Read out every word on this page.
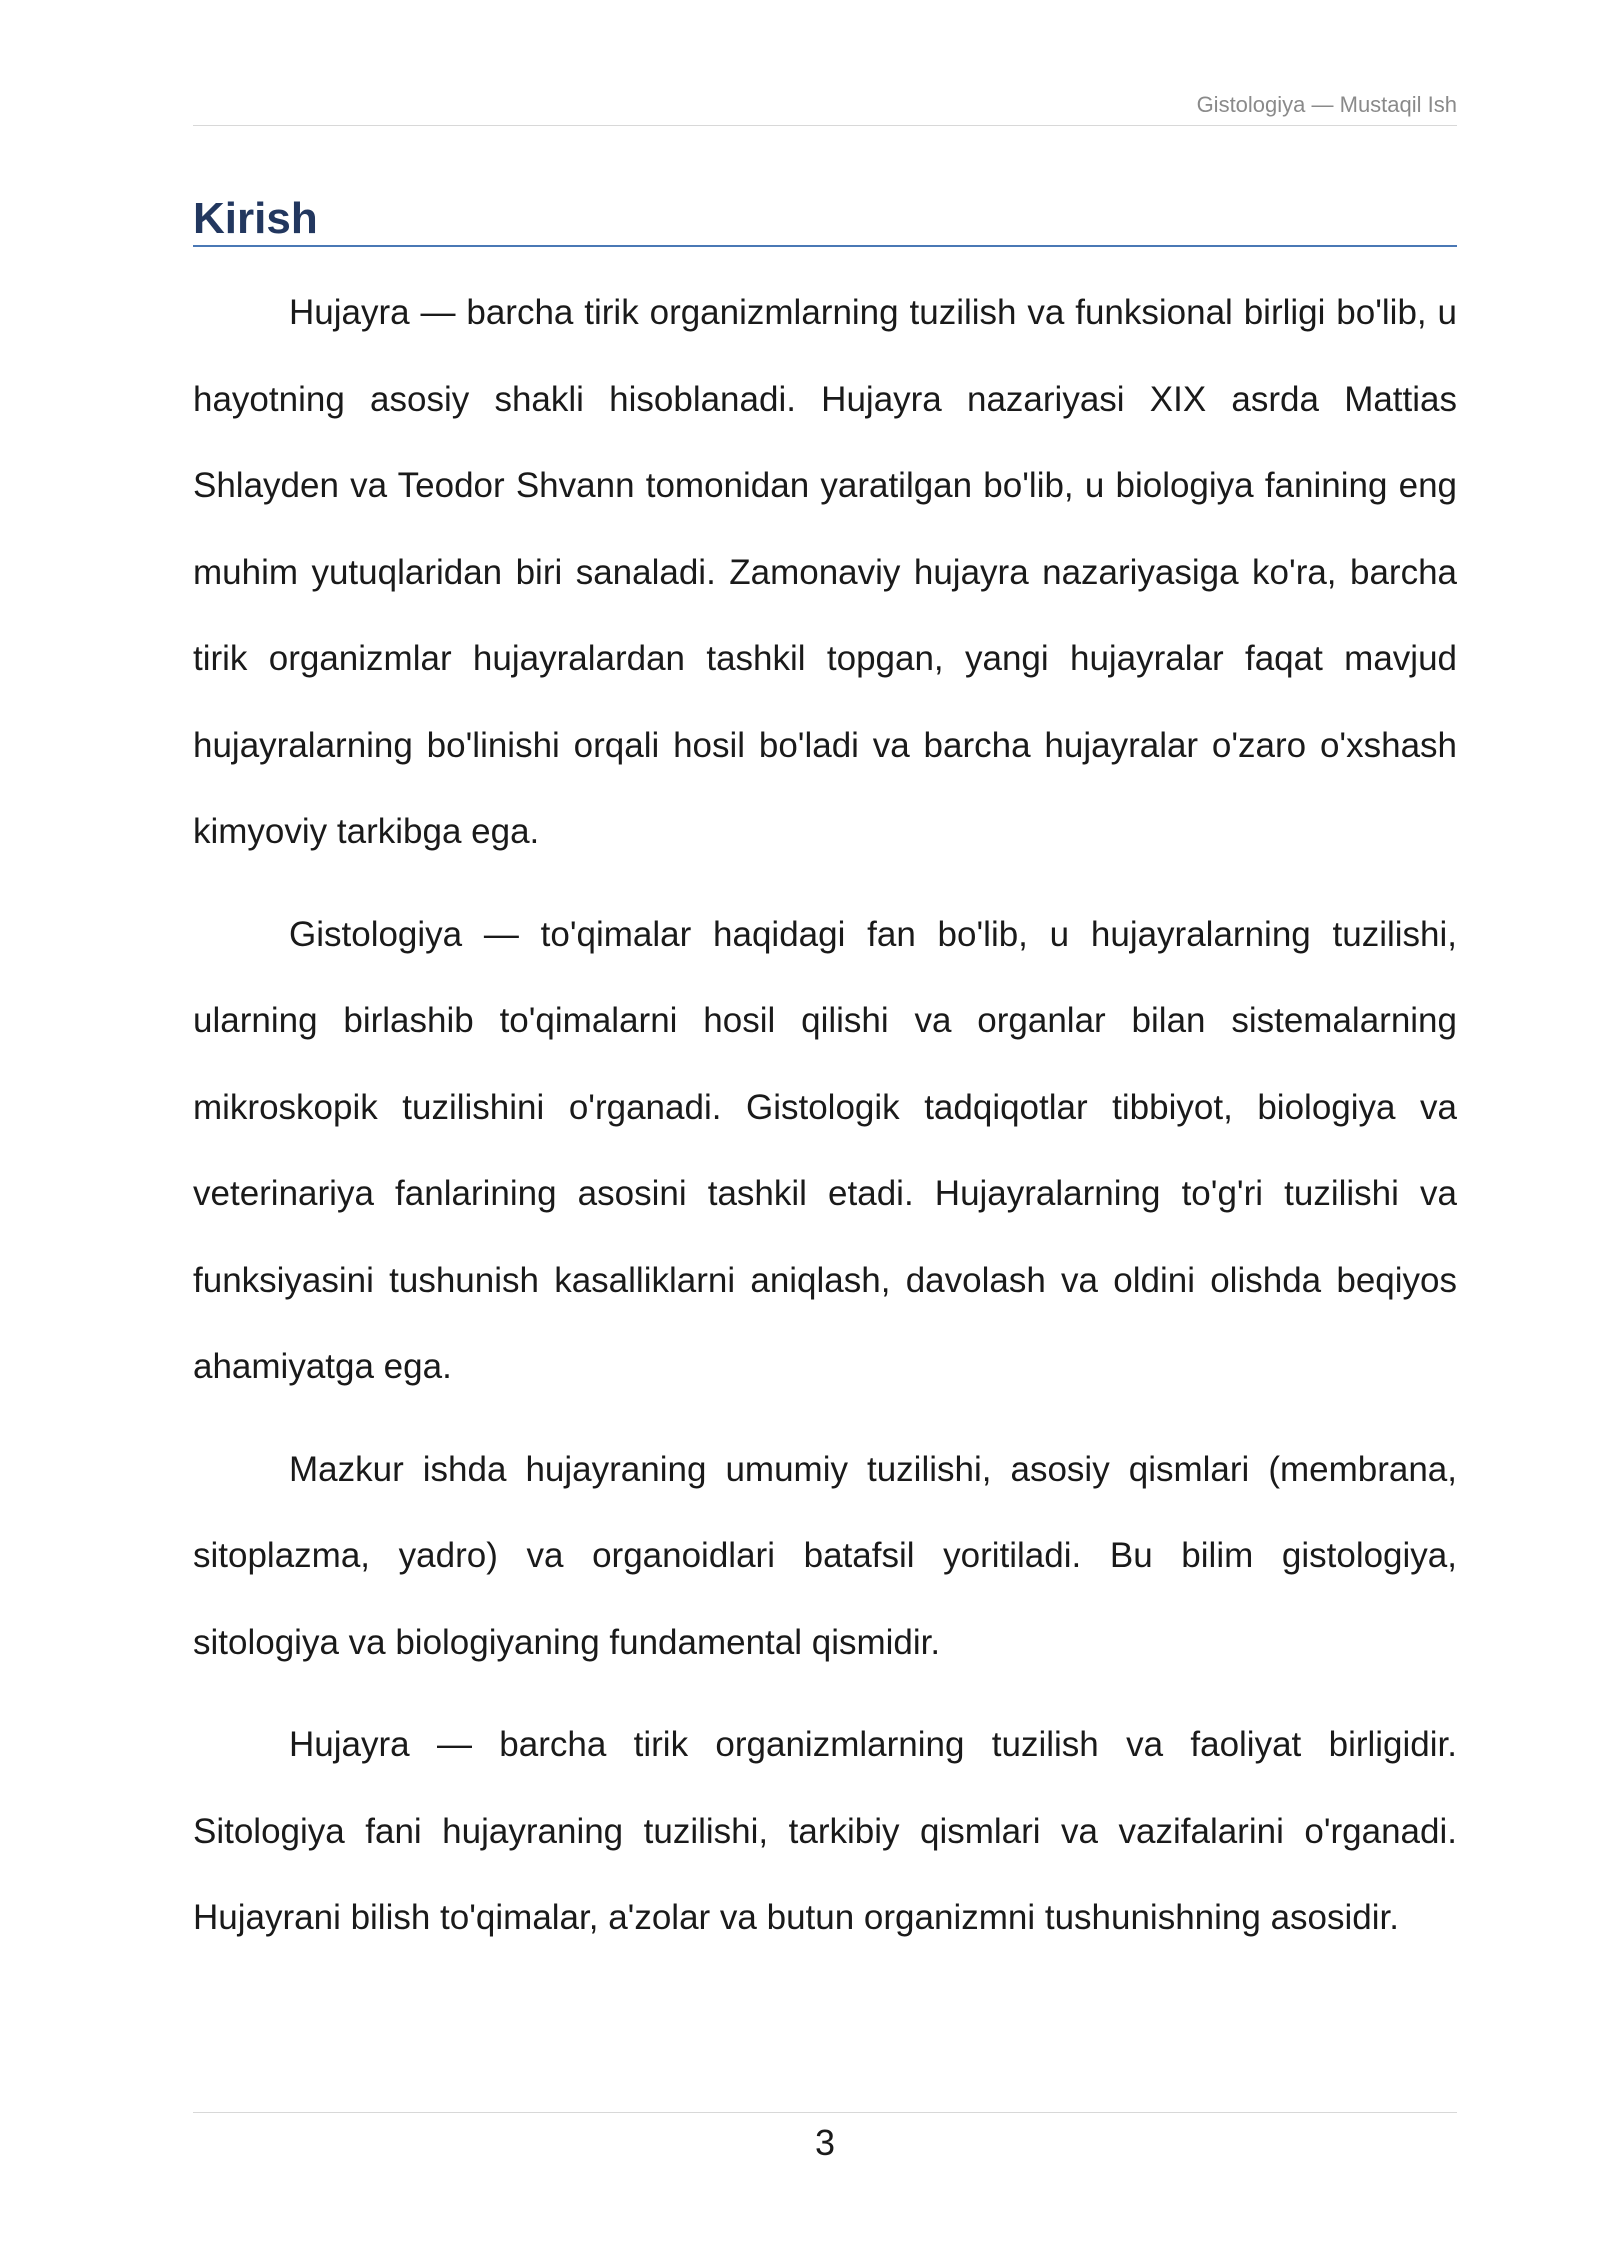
Gistologiya — Mustaqil Ish
Kirish

Hujayra — barcha tirik organizmlarning tuzilish va funksional birligi bo'lib, u hayotning asosiy shakli hisoblanadi. Hujayra nazariyasi XIX asrda Mattias Shlayden va Teodor Shvann tomonidan yaratilgan bo'lib, u biologiya fanining eng muhim yutuqlaridan biri sanaladi. Zamonaviy hujayra nazariyasiga ko'ra, barcha tirik organizmlar hujayralardan tashkil topgan, yangi hujayralar faqat mavjud hujayralarning bo'linishi orqali hosil bo'ladi va barcha hujayralar o'zaro o'xshash kimyoviy tarkibga ega.

Gistologiya — to'qimalar haqidagi fan bo'lib, u hujayralarning tuzilishi, ularning birlashib to'qimalarni hosil qilishi va organlar bilan sistemalarning mikroskopik tuzilishini o'rganadi. Gistologik tadqiqotlar tibbiyot, biologiya va veterinariya fanlarining asosini tashkil etadi. Hujayralarning to'g'ri tuzilishi va funksiyasini tushunish kasalliklarni aniqlash, davolash va oldini olishda beqiyos ahamiyatga ega.

Mazkur ishda hujayraning umumiy tuzilishi, asosiy qismlari (membrana, sitoplazma, yadro) va organoidlari batafsil yoritiladi. Bu bilim gistologiya, sitologiya va biologiyaning fundamental qismidir.

Hujayra — barcha tirik organizmlarning tuzilish va faoliyat birligidir. Sitologiya fani hujayraning tuzilishi, tarkibiy qismlari va vazifalarini o'rganadi. Hujayrani bilish to'qimalar, a'zolar va butun organizmni tushunishning asosidir.

3
